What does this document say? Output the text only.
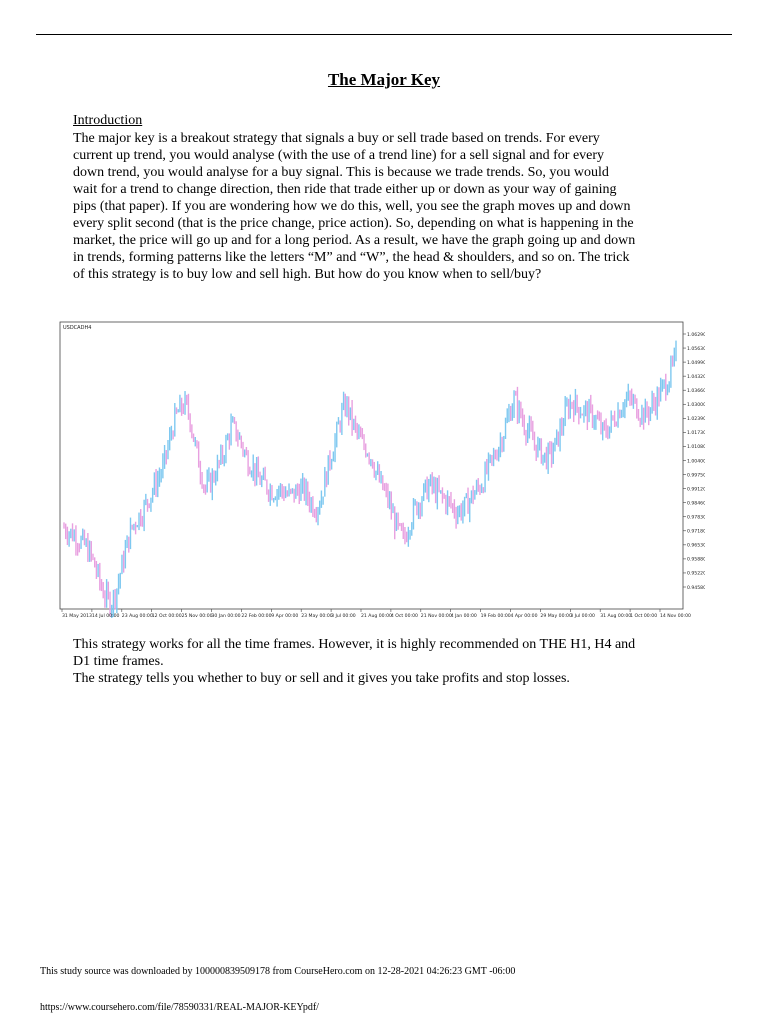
The Major Key
Introduction

The major key is a breakout strategy that signals a buy or sell trade based on trends. For every
current up trend, you would analyse (with the use of a trend line) for a sell signal and for every
down trend, you would analyse for a buy signal. This is because we trade trends. So, you would
wait for a trend to change direction, then ride that trade either up or down as your way of gaining
pips (that paper). If you are wondering how we do this, well, you see the graph moves up and down
every split second (that is the price change, price action). So, depending on what is happening in the
market, the price will go up and for a long period. As a result, we have the graph going up and down
in trends, forming patterns like the letters “M” and “W”, the head & shoulders, and so on. The trick
of this strategy is to buy low and sell high. But how do you know when to sell/buy?

USDCADH4
1.06290
1.05630
1.04990
1.04320
1.03660
1.03000
1.02390
1.01730
1.01080
1.00400
0.99750
0.99120
0.98460
0.97830
0.97180
0.96530
0.95880
0.95220
0.94580
31 May 2013 14 Jul 00:00 23 Aug 00:00
12 Oct 00:00 25 Nov 00:00
30 Jan 00:00 22 Feb 00:00 9 Apr 00:00 23 May 00:00
3 Jul 00:00 21 Aug 00:00
4 Oct 00:00 21 Nov 00:00
4 Jan 00:00 19 Feb 00:00 4 Apr 00:00 29 May 00:00
3 Jul 00:00 31 Aug 00:00
1 Oct 00:00 14 Nov 00:00

This strategy works for all the time frames. However, it is highly recommended on THE H1, H4 and
D1 time frames.
The strategy tells you whether to buy or sell and it gives you take profits and stop losses.

This study source was downloaded by 100000839509178 from CourseHero.com on 12-28-2021 04:26:23 GMT -06:00
https://www.coursehero.com/file/78590331/REAL-MAJOR-KEYpdf/
